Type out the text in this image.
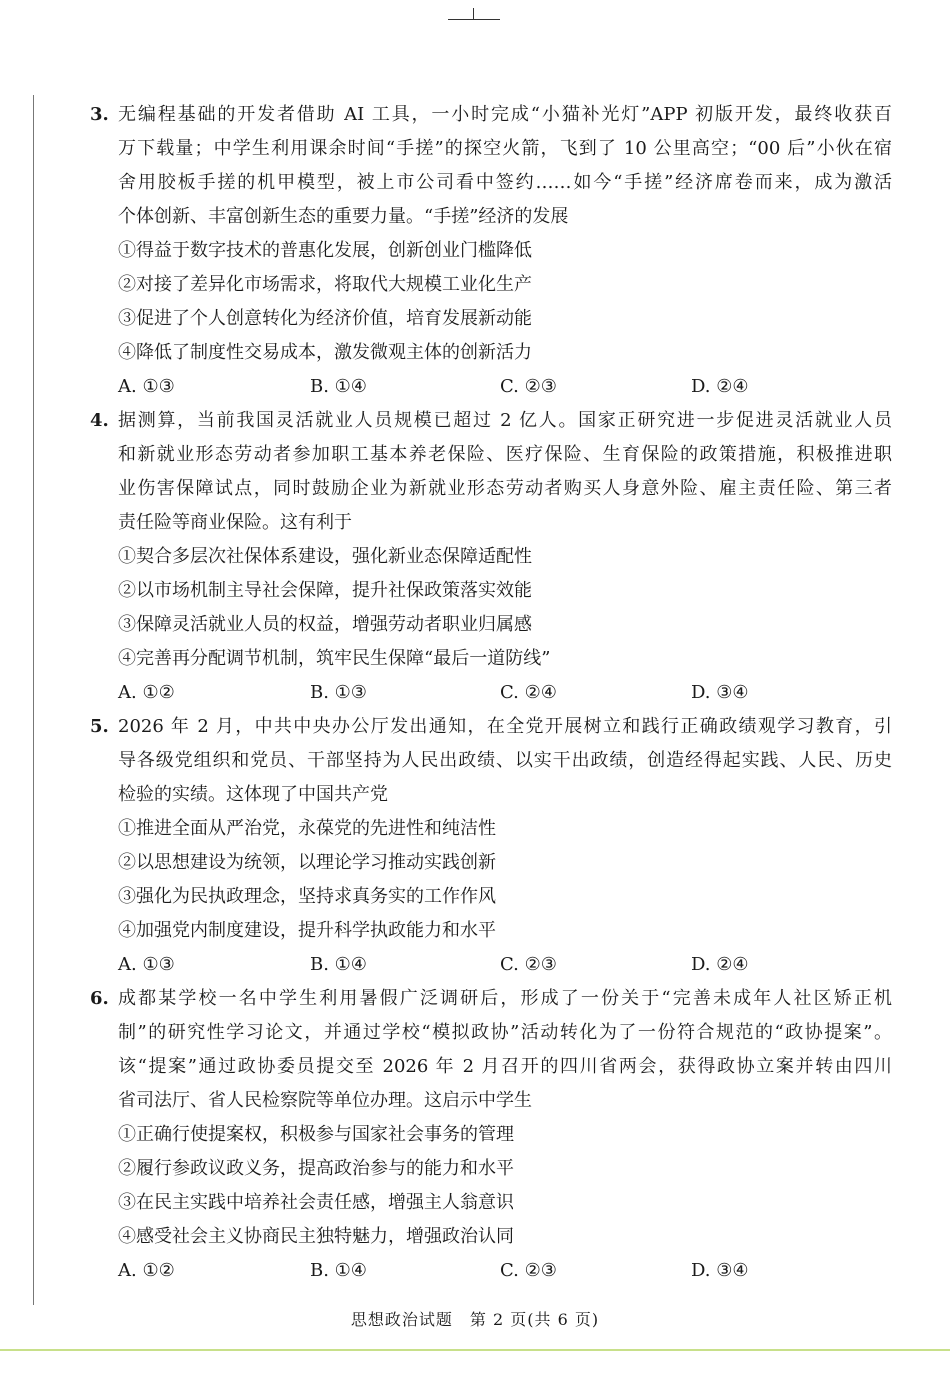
3. 无编程基础的开发者借助 AI 工具，一小时完成“小猫补光灯”APP 初版开发，最终收获百
万下载量；中学生利用课余时间“手搓”的探空火箭，飞到了 10 公里高空；“00 后”小伙在宿
舍用胶板手搓的机甲模型，被上市公司看中签约……如今“手搓”经济席卷而来，成为激活
个体创新、丰富创新生态的重要力量。“手搓”经济的发展
①得益于数字技术的普惠化发展，创新创业门槛降低
②对接了差异化市场需求，将取代大规模工业化生产
③促进了个人创意转化为经济价值，培育发展新动能
④降低了制度性交易成本，激发微观主体的创新活力
A. ①③	B. ①④	C. ②③	D. ②④
4. 据测算，当前我国灵活就业人员规模已超过 2 亿人。国家正研究进一步促进灵活就业人员
和新就业形态劳动者参加职工基本养老保险、医疗保险、生育保险的政策措施，积极推进职
业伤害保障试点，同时鼓励企业为新就业形态劳动者购买人身意外险、雇主责任险、第三者
责任险等商业保险。这有利于
①契合多层次社保体系建设，强化新业态保障适配性
②以市场机制主导社会保障，提升社保政策落实效能
③保障灵活就业人员的权益，增强劳动者职业归属感
④完善再分配调节机制，筑牢民生保障“最后一道防线”
A. ①②	B. ①③	C. ②④	D. ③④
5. 2026 年 2 月，中共中央办公厅发出通知，在全党开展树立和践行正确政绩观学习教育，引
导各级党组织和党员、干部坚持为人民出政绩、以实干出政绩，创造经得起实践、人民、历史
检验的实绩。这体现了中国共产党
①推进全面从严治党，永葆党的先进性和纯洁性
②以思想建设为统领，以理论学习推动实践创新
③强化为民执政理念，坚持求真务实的工作作风
④加强党内制度建设，提升科学执政能力和水平
A. ①③	B. ①④	C. ②③	D. ②④
6. 成都某学校一名中学生利用暑假广泛调研后，形成了一份关于“完善未成年人社区矫正机
制”的研究性学习论文，并通过学校“模拟政协”活动转化为了一份符合规范的“政协提案”。
该“提案”通过政协委员提交至 2026 年 2 月召开的四川省两会，获得政协立案并转由四川
省司法厅、省人民检察院等单位办理。这启示中学生
①正确行使提案权，积极参与国家社会事务的管理
②履行参政议政义务，提高政治参与的能力和水平
③在民主实践中培养社会责任感，增强主人翁意识
④感受社会主义协商民主独特魅力，增强政治认同
A. ①②	B. ①④	C. ②③	D. ③④
思想政治试题　第 2 页(共 6 页)
